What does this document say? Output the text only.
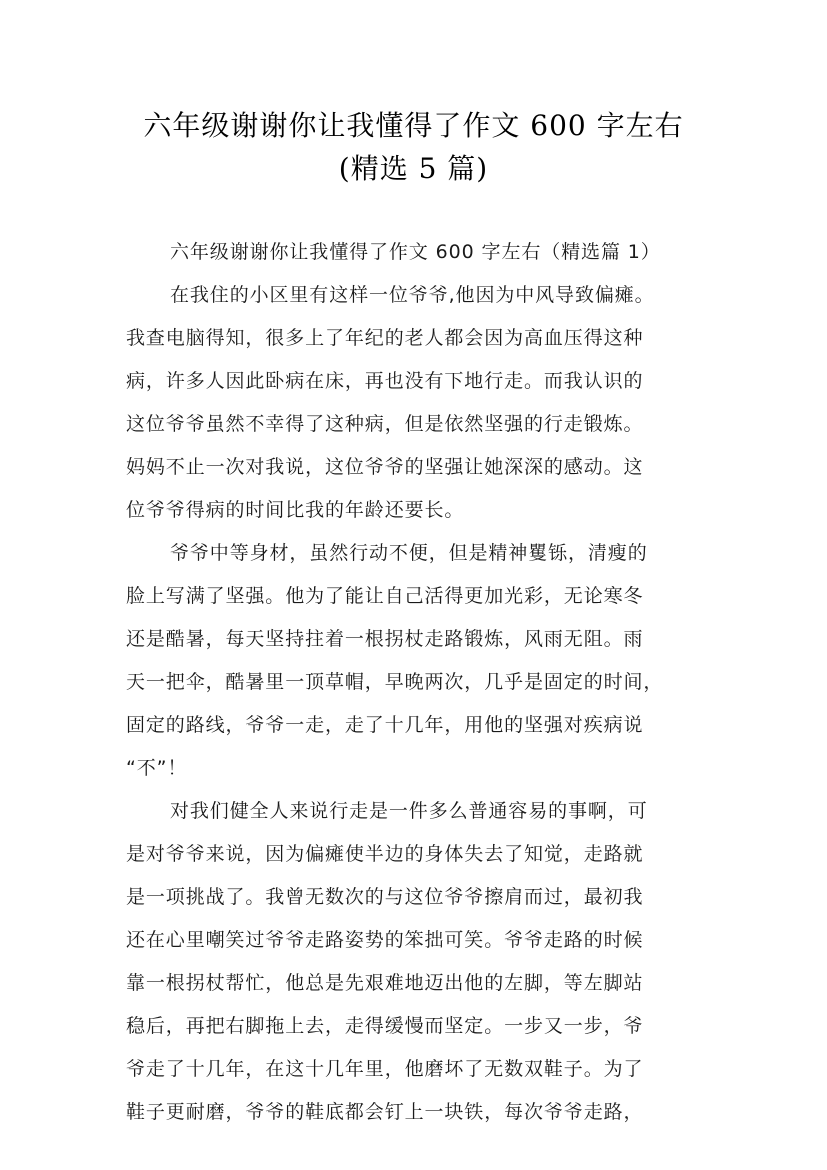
六年级谢谢你让我懂得了作文 600 字左右
(精选 5 篇)
六年级谢谢你让我懂得了作文 600 字左右（精选篇 1）
在我住的小区里有这样一位爷爷,他因为中风导致偏瘫。
我查电脑得知，很多上了年纪的老人都会因为高血压得这种
病，许多人因此卧病在床，再也没有下地行走。而我认识的
这位爷爷虽然不幸得了这种病，但是依然坚强的行走锻炼。
妈妈不止一次对我说，这位爷爷的坚强让她深深的感动。这
位爷爷得病的时间比我的年龄还要长。
爷爷中等身材，虽然行动不便，但是精神矍铄，清瘦的
脸上写满了坚强。他为了能让自己活得更加光彩，无论寒冬
还是酷暑，每天坚持拄着一根拐杖走路锻炼，风雨无阻。雨
天一把伞，酷暑里一顶草帽，早晚两次，几乎是固定的时间，
固定的路线，爷爷一走，走了十几年，用他的坚强对疾病说
“不”！
对我们健全人来说行走是一件多么普通容易的事啊，可
是对爷爷来说，因为偏瘫使半边的身体失去了知觉，走路就
是一项挑战了。我曾无数次的与这位爷爷擦肩而过，最初我
还在心里嘲笑过爷爷走路姿势的笨拙可笑。爷爷走路的时候
靠一根拐杖帮忙，他总是先艰难地迈出他的左脚，等左脚站
稳后，再把右脚拖上去，走得缓慢而坚定。一步又一步，爷
爷走了十几年，在这十几年里，他磨坏了无数双鞋子。为了
鞋子更耐磨，爷爷的鞋底都会钉上一块铁，每次爷爷走路，
